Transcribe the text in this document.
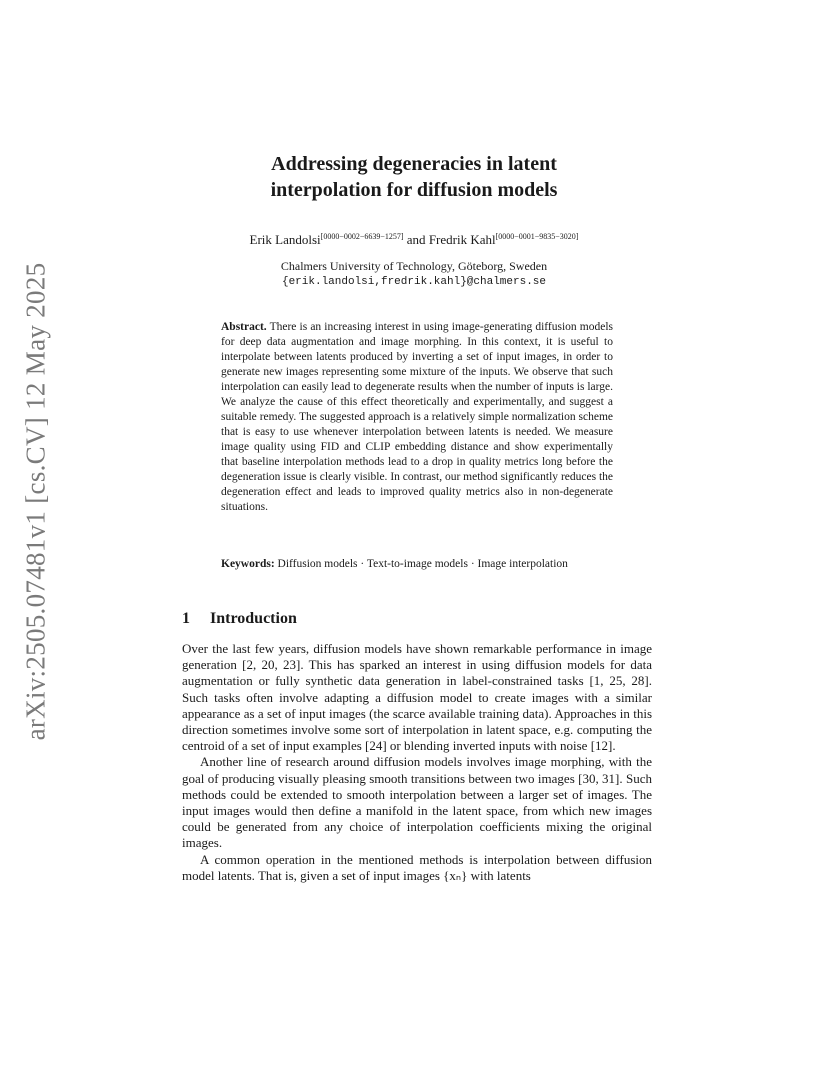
arXiv:2505.07481v1 [cs.CV] 12 May 2025
Addressing degeneracies in latent
interpolation for diffusion models
Erik Landolsi[0000−0002−6639−1257] and Fredrik Kahl[0000−0001−9835−3020]
Chalmers University of Technology, Göteborg, Sweden
{erik.landolsi,fredrik.kahl}@chalmers.se
Abstract. There is an increasing interest in using image-generating diffusion models for deep data augmentation and image morphing. In this context, it is useful to interpolate between latents produced by inverting a set of input images, in order to generate new images representing some mixture of the inputs. We observe that such interpolation can easily lead to degenerate results when the number of inputs is large. We analyze the cause of this effect theoretically and experimentally, and suggest a suitable remedy. The suggested approach is a relatively simple normalization scheme that is easy to use whenever interpolation between latents is needed. We measure image quality using FID and CLIP embedding distance and show experimentally that baseline interpolation methods lead to a drop in quality metrics long before the degeneration issue is clearly visible. In contrast, our method significantly reduces the degeneration effect and leads to improved quality metrics also in non-degenerate situations.
Keywords: Diffusion models · Text-to-image models · Image interpolation
1 Introduction

Over the last few years, diffusion models have shown remarkable performance in image generation [2, 20, 23]. This has sparked an interest in using diffusion models for data augmentation or fully synthetic data generation in label-constrained tasks [1, 25, 28]. Such tasks often involve adapting a diffusion model to create images with a similar appearance as a set of input images (the scarce available training data). Approaches in this direction sometimes involve some sort of interpolation in latent space, e.g. computing the centroid of a set of input examples [24] or blending inverted inputs with noise [12].

Another line of research around diffusion models involves image morphing, with the goal of producing visually pleasing smooth transitions between two images [30, 31]. Such methods could be extended to smooth interpolation between a larger set of images. The input images would then define a manifold in the latent space, from which new images could be generated from any choice of interpolation coefficients mixing the original images.

A common operation in the mentioned methods is interpolation between diffusion model latents. That is, given a set of input images {xₙ} with latents
